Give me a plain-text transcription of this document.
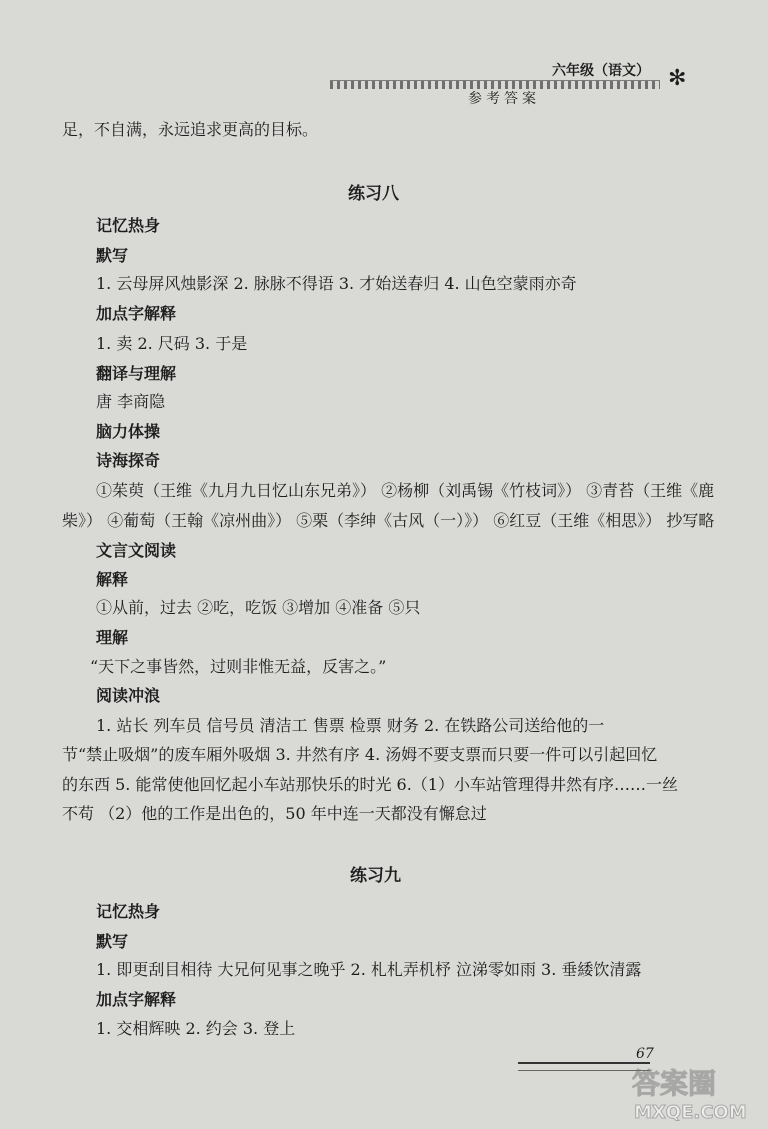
六年级（语文） ✻
参考答案
足，不自满，永远追求更高的目标。
练习八
记忆热身
默写
1. 云母屏风烛影深 2. 脉脉不得语 3. 才始送春归 4. 山色空蒙雨亦奇
加点字解释
1. 卖 2. 尺码 3. 于是
翻译与理解
唐 李商隐
脑力体操
诗海探奇
①茱萸（王维《九月九日忆山东兄弟》） ②杨柳（刘禹锡《竹枝词》） ③青苔（王维《鹿
柴》） ④葡萄（王翰《凉州曲》） ⑤栗（李绅《古风（一）》） ⑥红豆（王维《相思》） 抄写略
文言文阅读
解释
①从前，过去 ②吃，吃饭 ③增加 ④准备 ⑤只
理解
“天下之事皆然，过则非惟无益，反害之。”
阅读冲浪
1. 站长 列车员 信号员 清洁工 售票 检票 财务 2. 在铁路公司送给他的一
节“禁止吸烟”的废车厢外吸烟 3. 井然有序 4. 汤姆不要支票而只要一件可以引起回忆
的东西 5. 能常使他回忆起小车站那快乐的时光 6.（1）小车站管理得井然有序……一丝
不苟 （2）他的工作是出色的，50 年中连一天都没有懈怠过
练习九
记忆热身
默写
1. 即更刮目相待 大兄何见事之晚乎 2. 札札弄机杼 泣涕零如雨 3. 垂緌饮清露
加点字解释
1. 交相辉映 2. 约会 3. 登上
67
答案圈
MXQE.COM
